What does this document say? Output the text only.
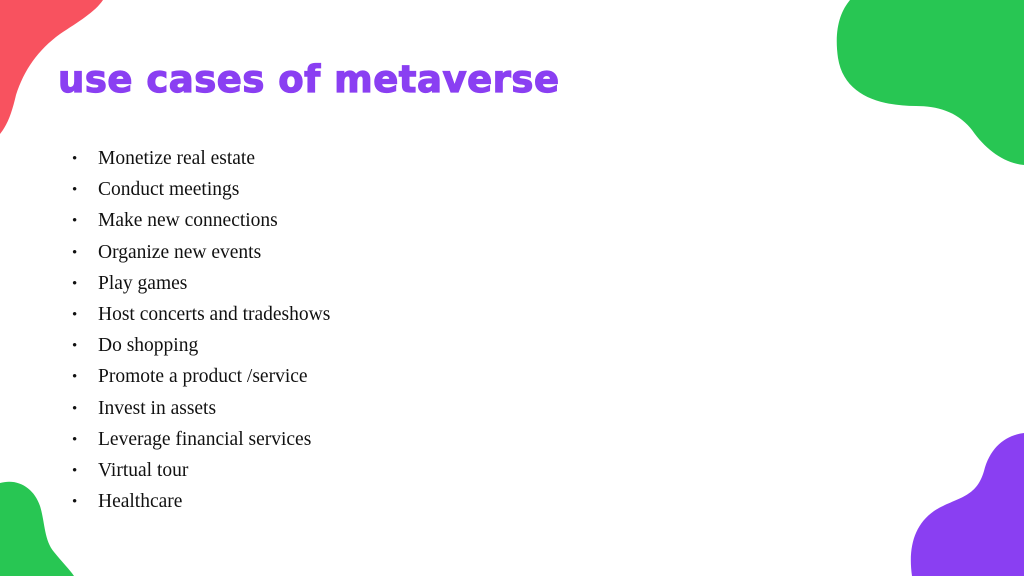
use cases of metaverse
• Monetize real estate
• Conduct meetings
• Make new connections
• Organize new events
• Play games
• Host concerts and tradeshows
• Do shopping
• Promote a product /service
• Invest in assets
• Leverage financial services
• Virtual tour
• Healthcare
